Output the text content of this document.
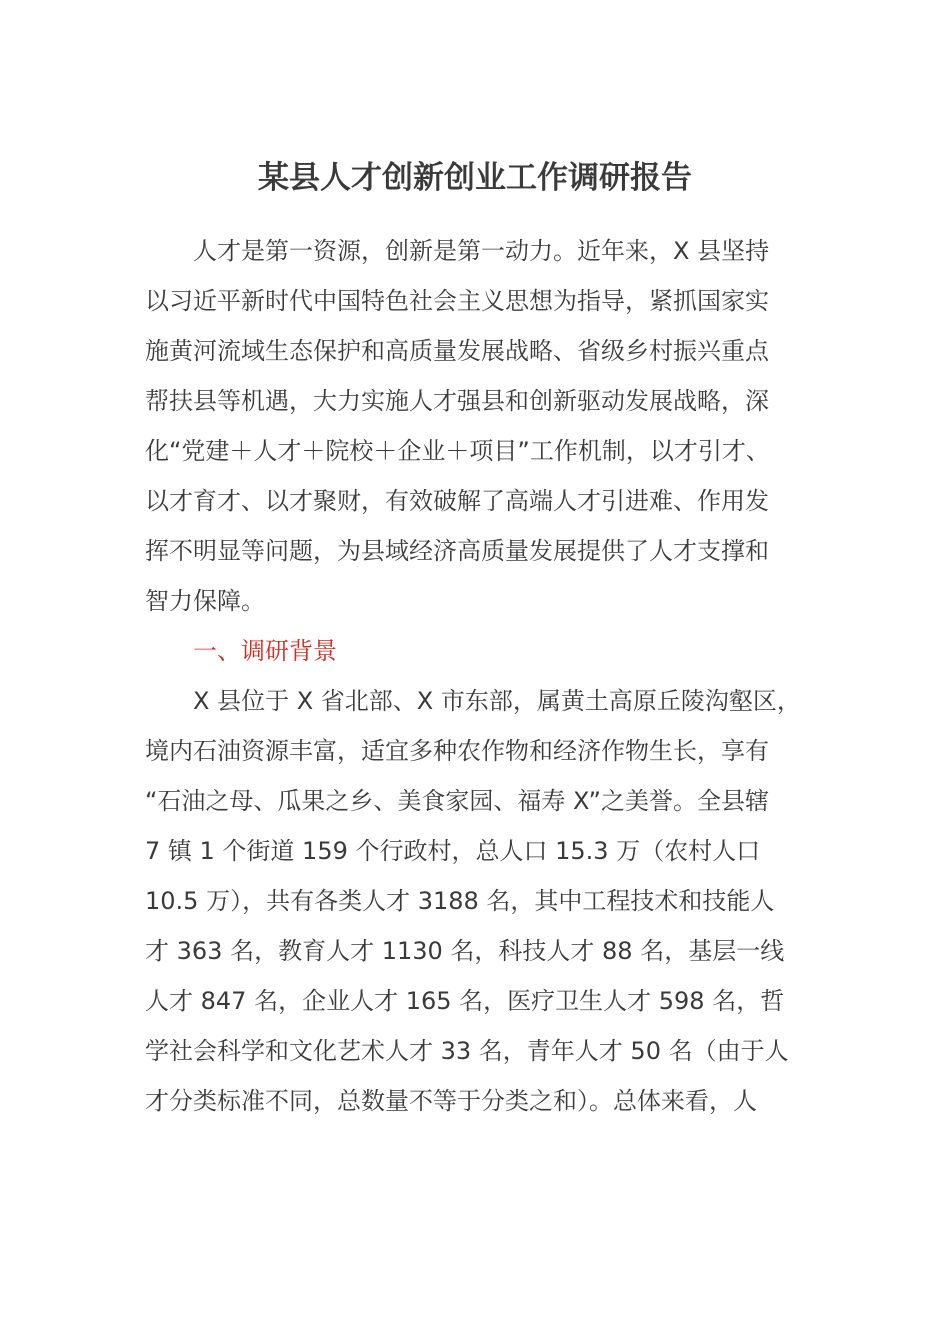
某县人才创新创业工作调研报告

人才是第一资源，创新是第一动力。近年来，X 县坚持

以习近平新时代中国特色社会主义思想为指导，紧抓国家实

施黄河流域生态保护和高质量发展战略、省级乡村振兴重点

帮扶县等机遇，大力实施人才强县和创新驱动发展战略，深

化“党建＋人才＋院校＋企业＋项目”工作机制，以才引才、

以才育才、以才聚财，有效破解了高端人才引进难、作用发

挥不明显等问题，为县域经济高质量发展提供了人才支撑和

智力保障。

一、调研背景

X 县位于 X 省北部、X 市东部，属黄土高原丘陵沟壑区，

境内石油资源丰富，适宜多种农作物和经济作物生长，享有

“石油之母、瓜果之乡、美食家园、福寿 X”之美誉。全县辖

7 镇 1 个街道 159 个行政村，总人口 15.3 万（农村人口

10.5 万），共有各类人才 3188 名，其中工程技术和技能人

才 363 名，教育人才 1130 名，科技人才 88 名，基层一线

人才 847 名，企业人才 165 名，医疗卫生人才 598 名，哲

学社会科学和文化艺术人才 33 名，青年人才 50 名（由于人

才分类标准不同，总数量不等于分类之和）。总体来看，人
